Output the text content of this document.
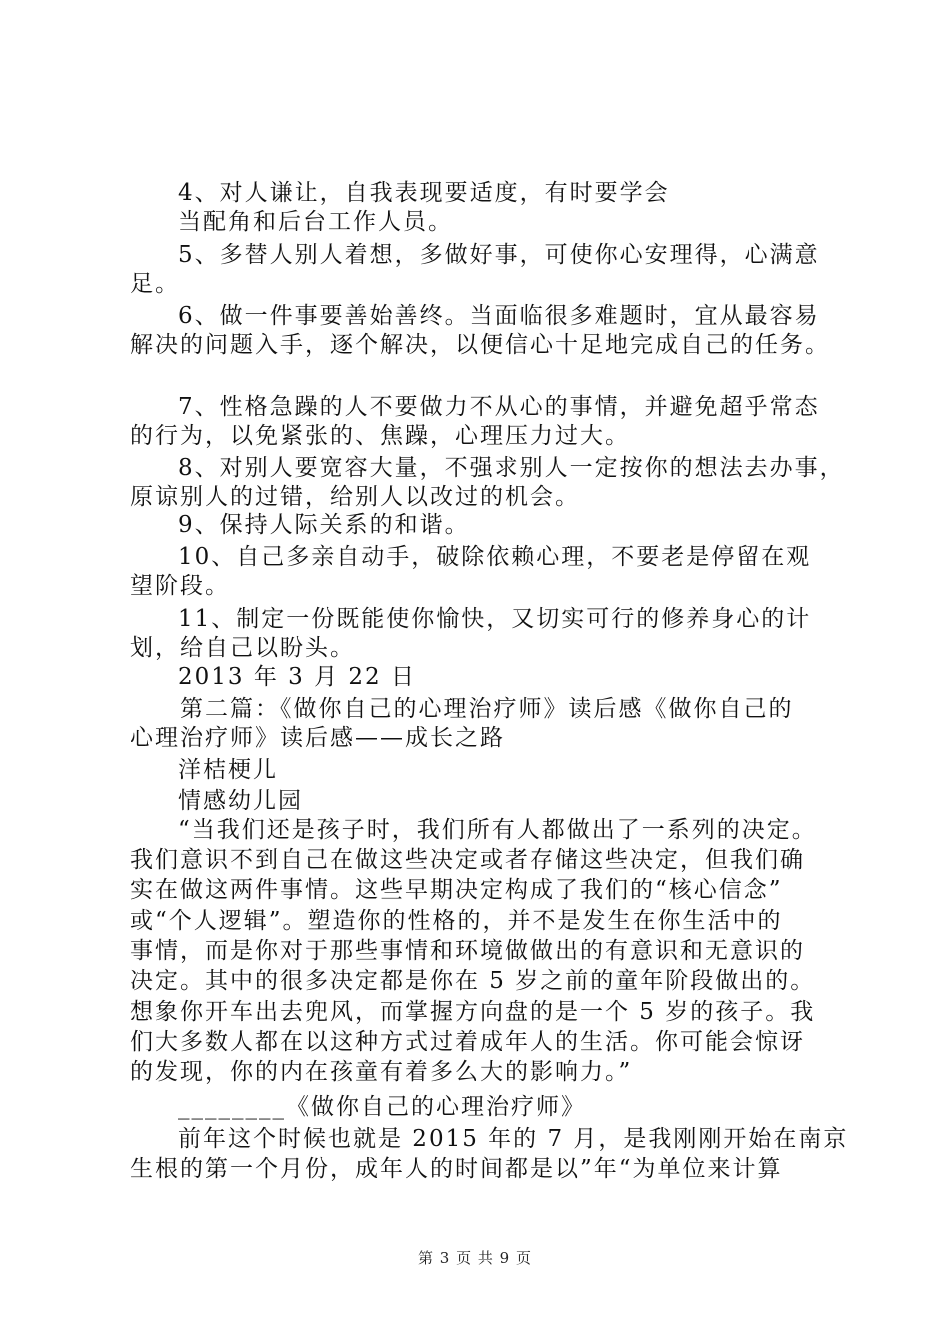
4、对人谦让，自我表现要适度，有时要学会
当配角和后台工作人员。
5、多替人别人着想，多做好事，可使你心安理得，心满意
足。
6、做一件事要善始善终。当面临很多难题时，宜从最容易
解决的问题入手，逐个解决，以便信心十足地完成自己的任务。
7、性格急躁的人不要做力不从心的事情，并避免超乎常态
的行为，以免紧张的、焦躁，心理压力过大。
8、对别人要宽容大量，不强求别人一定按你的想法去办事，
原谅别人的过错，给别人以改过的机会。
9、保持人际关系的和谐。
10、自己多亲自动手，破除依赖心理，不要老是停留在观
望阶段。
11、制定一份既能使你愉快，又切实可行的修养身心的计
划，给自己以盼头。
2013 年 3 月 22 日
第二篇：《做你自己的心理治疗师》读后感《做你自己的
心理治疗师》读后感——成长之路
洋桔梗儿
情感幼儿园
“当我们还是孩子时，我们所有人都做出了一系列的决定。
我们意识不到自己在做这些决定或者存储这些决定，但我们确
实在做这两件事情。这些早期决定构成了我们的“核心信念”
或“个人逻辑”。塑造你的性格的，并不是发生在你生活中的
事情，而是你对于那些事情和环境做做出的有意识和无意识的
决定。其中的很多决定都是你在 5 岁之前的童年阶段做出的。
想象你开车出去兜风，而掌握方向盘的是一个 5 岁的孩子。我
们大多数人都在以这种方式过着成年人的生活。你可能会惊讶
的发现，你的内在孩童有着多么大的影响力。”
________《做你自己的心理治疗师》
前年这个时候也就是 2015 年的 7 月，是我刚刚开始在南京
生根的第一个月份，成年人的时间都是以”年“为单位来计算
第 3 页 共 9 页
